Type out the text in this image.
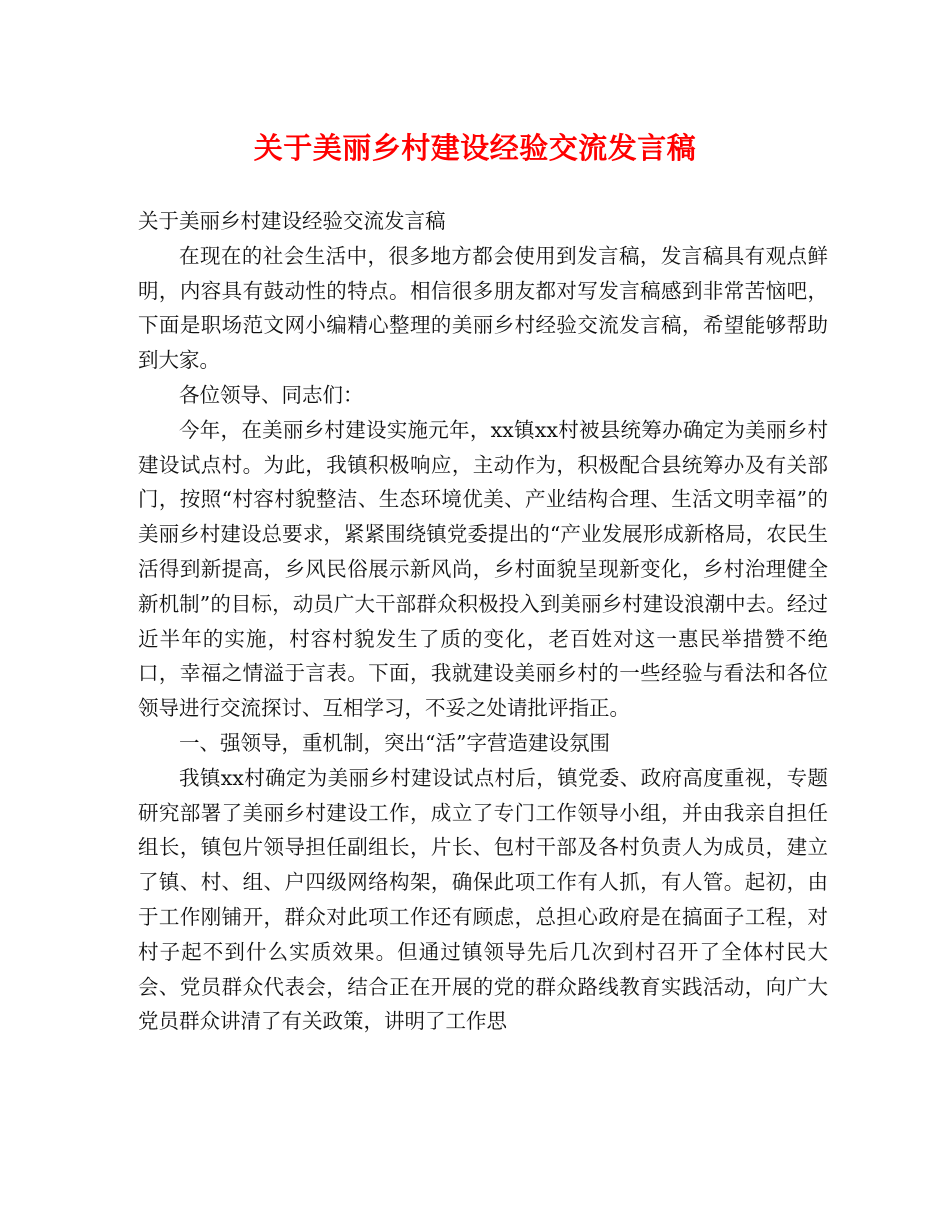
关于美丽乡村建设经验交流发言稿

关于美丽乡村建设经验交流发言稿

在现在的社会生活中，很多地方都会使用到发言稿，发言稿具有观点鲜明，内容具有鼓动性的特点。相信很多朋友都对写发言稿感到非常苦恼吧，下面是职场范文网小编精心整理的美丽乡村经验交流发言稿，希望能够帮助到大家。

各位领导、同志们：

今年，在美丽乡村建设实施元年，xx镇xx村被县统筹办确定为美丽乡村建设试点村。为此，我镇积极响应，主动作为，积极配合县统筹办及有关部门，按照“村容村貌整洁、生态环境优美、产业结构合理、生活文明幸福”的美丽乡村建设总要求，紧紧围绕镇党委提出的“产业发展形成新格局，农民生活得到新提高，乡风民俗展示新风尚，乡村面貌呈现新变化，乡村治理健全新机制”的目标，动员广大干部群众积极投入到美丽乡村建设浪潮中去。经过近半年的实施，村容村貌发生了质的变化，老百姓对这一惠民举措赞不绝口，幸福之情溢于言表。下面，我就建设美丽乡村的一些经验与看法和各位领导进行交流探讨、互相学习，不妥之处请批评指正。

一、强领导，重机制，突出“活”字营造建设氛围

我镇xx村确定为美丽乡村建设试点村后，镇党委、政府高度重视，专题研究部署了美丽乡村建设工作，成立了专门工作领导小组，并由我亲自担任组长，镇包片领导担任副组长，片长、包村干部及各村负责人为成员，建立了镇、村、组、户四级网络构架，确保此项工作有人抓，有人管。起初，由于工作刚铺开，群众对此项工作还有顾虑，总担心政府是在搞面子工程，对村子起不到什么实质效果。但通过镇领导先后几次到村召开了全体村民大会、党员群众代表会，结合正在开展的党的群众路线教育实践活动，向广大党员群众讲清了有关政策，讲明了工作思
